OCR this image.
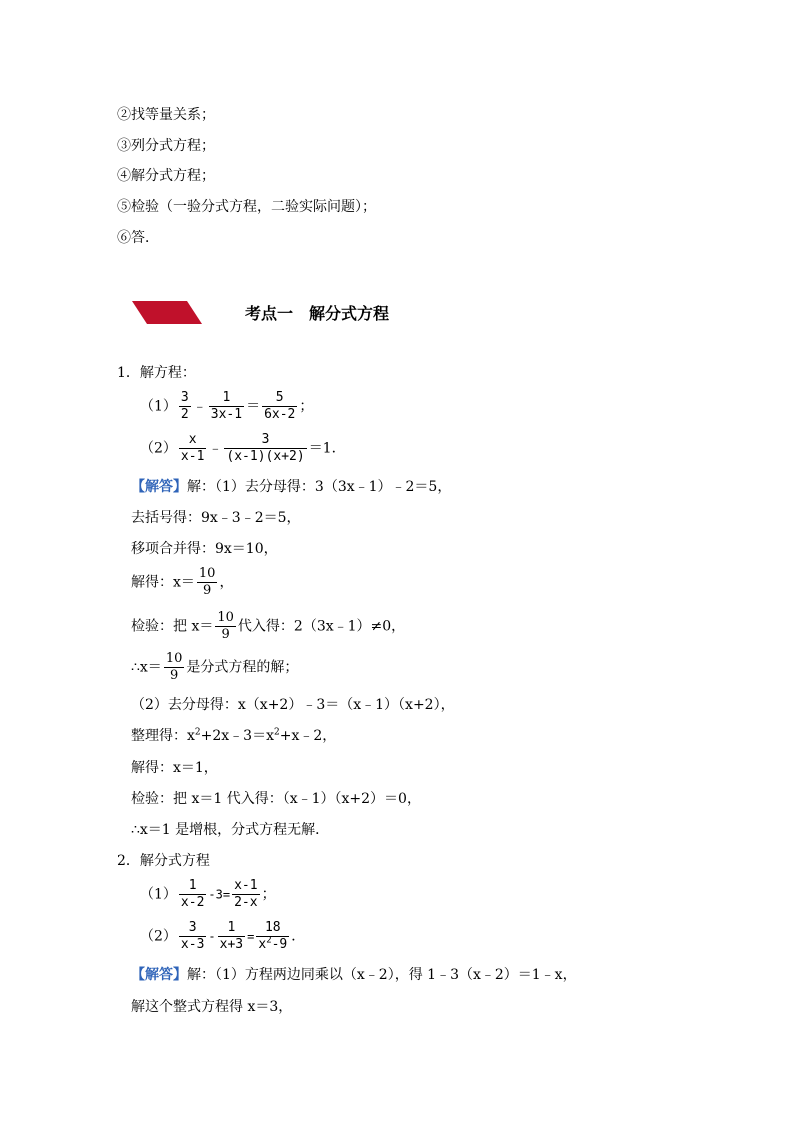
②找等量关系；
③列分式方程；
④解分式方程；
⑤检验（一验分式方程，二验实际问题）；
⑥答．
考点一　解分式方程
1．解方程：
$(1) \frac{3}{2}$ ﹣ $\frac{1}{3x-1} = \frac{5}{6x-2}$ ；
$(2) \frac{x}{x-1}$ ﹣ $\frac{3}{(x-1)(x+2)} =1$．
【解答】解：（1）去分母得：3（3x﹣1）﹣2＝5，
去括号得：9x﹣3﹣2＝5，
移项合并得：9x＝10，
解得：$x= \frac{10}{9}$ ，
检验：把 $x= \frac{10}{9}$ 代入得：2（3x﹣1）≠0，
∴x＝ $\frac{10}{9}$ 是分式方程的解；
（2）去分母得：x（x+2）﹣3＝（x﹣1）（x+2），
整理得：$x^2+2x﹣3=x^2+x﹣2$，
解得：x＝1，
检验：把 x＝1 代入得：（x﹣1）（x+2）＝0，
∴x＝1 是增根，分式方程无解．
2．解分式方程
$(1) \frac{1}{x-2} -3= \frac{x-1}{2-x}$ ；
$(2) \frac{3}{x-3} - \frac{1}{x+3} = \frac{18}{x^2-9}$ ．
【解答】解：（1）方程两边同乘以（x﹣2），得 1﹣3（x﹣2）＝1﹣x，
解这个整式方程得 x＝3，
